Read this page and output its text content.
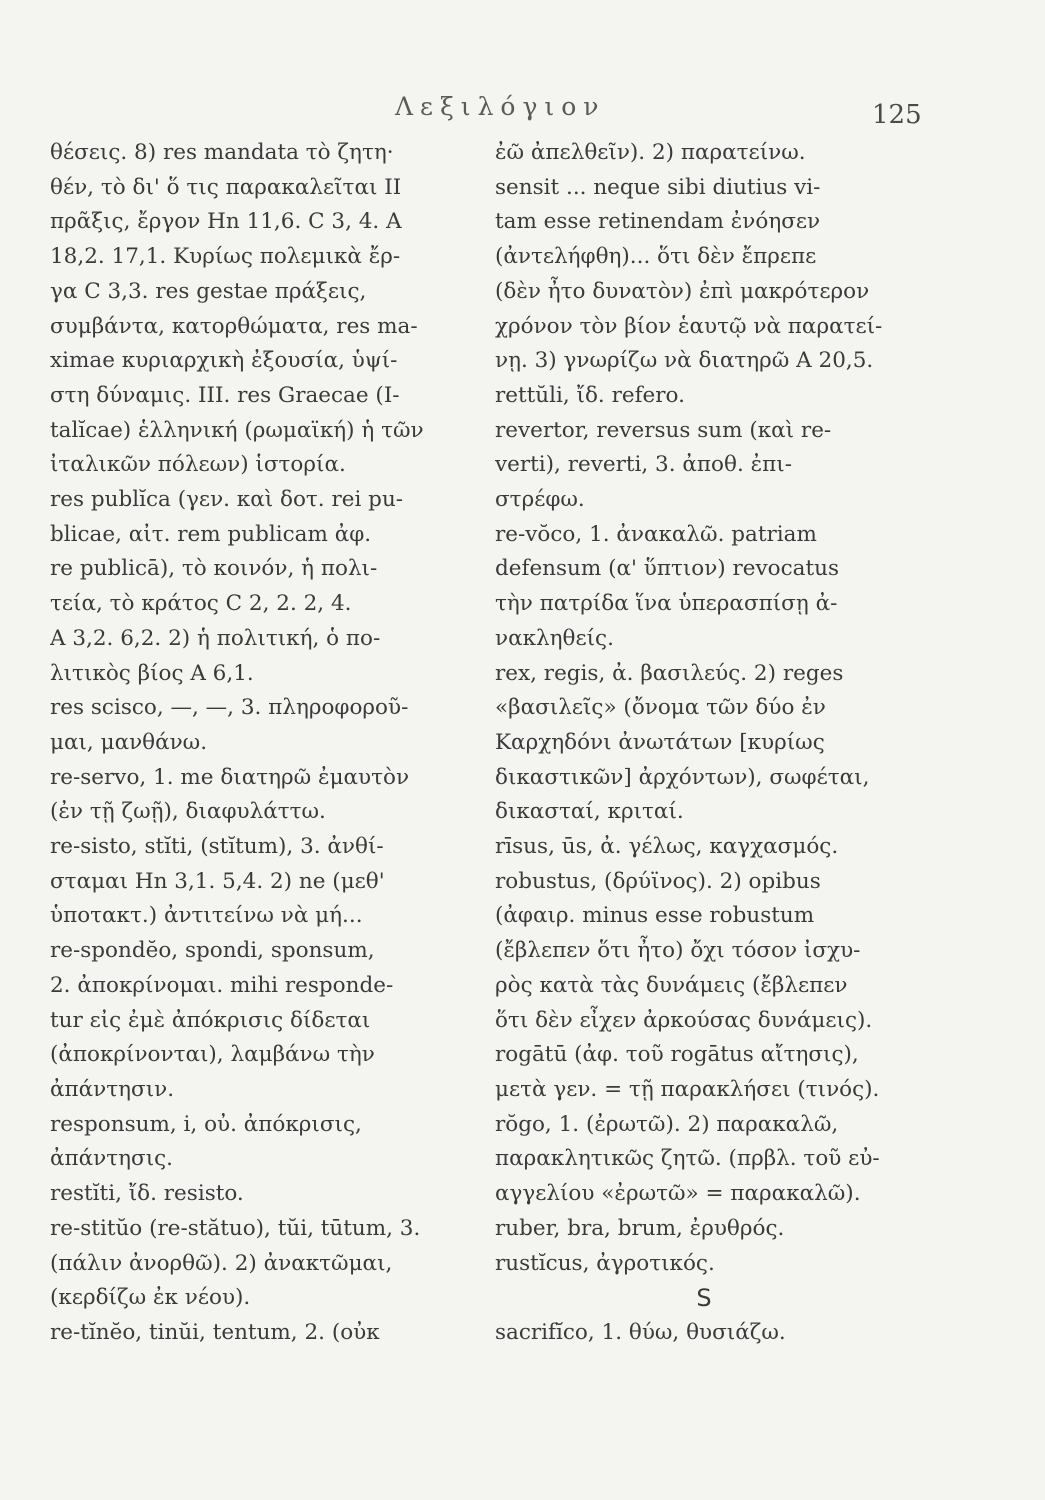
Λεξιλόγιον	125
θέσεις. 8) res mandata τὸ ζητη·
θέν, τὸ δι' ὅ τις παρακαλεῖται II
πρᾶξις, ἔργον Hn 11,6. C 3, 4. A
18,2. 17,1. Κυρίως πολεμικὰ ἔρ-
γα C 3,3. res gestae πράξεις,
συμβάντα, κατορθώματα, res ma-
ximae κυριαρχικὴ ἐξουσία, ὑψί-
στη δύναμις. III. res Graecae (I-
talĭcae) ἑλληνική (ρωμαϊκή) ἡ τῶν
ἰταλικῶν πόλεων) ἱστορία.
res publĭca (γεν. καὶ δοτ. rei pu-
blicae, αἰτ. rem publicam ἀφ.
re publicā), τὸ κοινόν, ἡ πολι-
τεία, τὸ κράτος C 2, 2. 2, 4.
A 3,2. 6,2. 2) ἡ πολιτική, ὁ πο-
λιτικὸς βίος A 6,1.
res scisco, —, —, 3. πληροφοροῦ-
μαι, μανθάνω.
re-servo, 1. me διατηρῶ ἐμαυτὸν
(ἐν τῇ ζωῇ), διαφυλάττω.
re-sisto, stĭti, (stĭtum), 3. ἀνθί-
σταμαι Hn 3,1. 5,4. 2) ne (μεθ'
ὑποτακτ.) ἀντιτείνω νὰ μή...
re-spondĕo, spondi, sponsum,
2. ἀποκρίνομαι. mihi responde-
tur εἰς ἐμὲ ἀπόκρισις δίδεται
(ἀποκρίνονται), λαμβάνω τὴν
ἀπάντησιν.
responsum, i, οὐ. ἀπόκρισις,
ἀπάντησις.
restĭti, ἴδ. resisto.
re-stitŭo (re-stătuo), tŭi, tūtum, 3.
(πάλιν ἀνορθῶ). 2) ἀνακτῶμαι,
(κερδίζω ἐκ νέου).
re-tĭnĕo, tinŭi, tentum, 2. (οὐκ
ἐῶ ἀπελθεῖν). 2) παρατείνω.
sensit ... neque sibi diutius vi-
tam esse retinendam ἐνόησεν
(ἀντελήφθη)... ὅτι δὲν ἔπρεπε
(δὲν ἦτο δυνατὸν) ἐπὶ μακρότερον
χρόνον τὸν βίον ἑαυτῷ νὰ παρατεί-
νῃ. 3) γνωρίζω νὰ διατηρῶ A 20,5.
rettŭli, ἴδ. refero.
revertor, reversus sum (καὶ re-
verti), reverti, 3. ἀποθ. ἐπι-
στρέφω.
re-vŏco, 1. ἀνακαλῶ. patriam
defensum (α' ὕπτιον) revocatus
τὴν πατρίδα ἵνα ὑπερασπίσῃ ἀ-
νακληθείς.
rex, regis, ἀ. βασιλεύς. 2) reges
«βασιλεῖς» (ὄνομα τῶν δύο ἐν
Καρχηδόνι ἀνωτάτων [κυρίως
δικαστικῶν] ἀρχόντων), σωφέται,
δικασταί, κριταί.
rīsus, ūs, ἀ. γέλως, καγχασμός.
robustus, (δρύϊνος). 2) opibus
(ἀφαιρ. minus esse robustum
(ἔβλεπεν ὅτι ἦτο) ὄχι τόσον ἰσχυ-
ρὸς κατὰ τὰς δυνάμεις (ἔβλεπεν
ὅτι δὲν εἶχεν ἀρκούσας δυνάμεις).
rogātū (ἀφ. τοῦ rogātus αἴτησις),
μετὰ γεν. = τῇ παρακλήσει (τινός).
rŏgo, 1. (ἐρωτῶ). 2) παρακαλῶ,
παρακλητικῶς ζητῶ. (πρβλ. τοῦ εὐ-
αγγελίου «ἐρωτῶ» = παρακαλῶ).
ruber, bra, brum, ἐρυθρός.
rustĭcus, ἀγροτικός.
S
sacrifĭco, 1. θύω, θυσιάζω.
